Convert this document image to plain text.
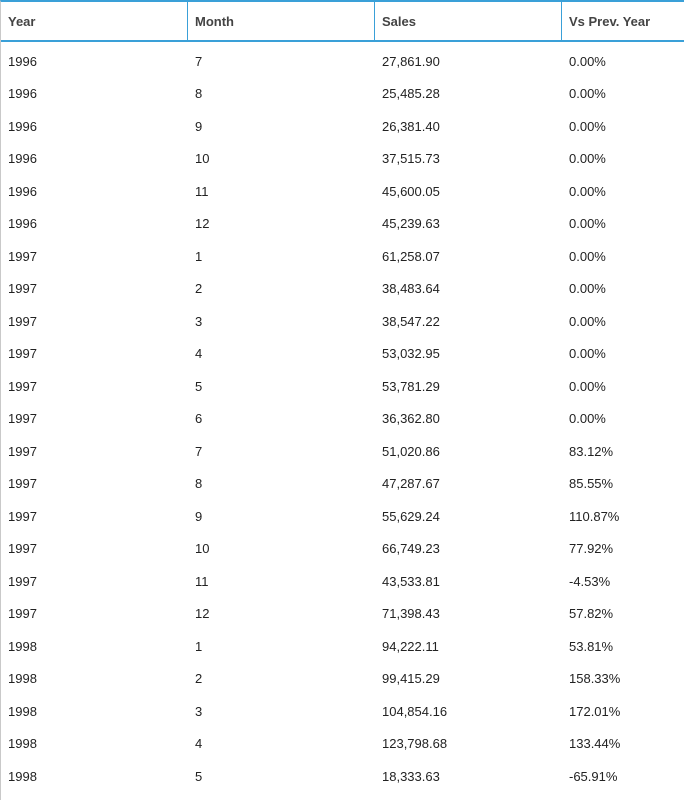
Year	Month	Sales	Vs Prev. Year
1996	7	27,861.90	0.00%
1996	8	25,485.28	0.00%
1996	9	26,381.40	0.00%
1996	10	37,515.73	0.00%
1996	11	45,600.05	0.00%
1996	12	45,239.63	0.00%
1997	1	61,258.07	0.00%
1997	2	38,483.64	0.00%
1997	3	38,547.22	0.00%
1997	4	53,032.95	0.00%
1997	5	53,781.29	0.00%
1997	6	36,362.80	0.00%
1997	7	51,020.86	83.12%
1997	8	47,287.67	85.55%
1997	9	55,629.24	110.87%
1997	10	66,749.23	77.92%
1997	11	43,533.81	-4.53%
1997	12	71,398.43	57.82%
1998	1	94,222.11	53.81%
1998	2	99,415.29	158.33%
1998	3	104,854.16	172.01%
1998	4	123,798.68	133.44%
1998	5	18,333.63	-65.91%
